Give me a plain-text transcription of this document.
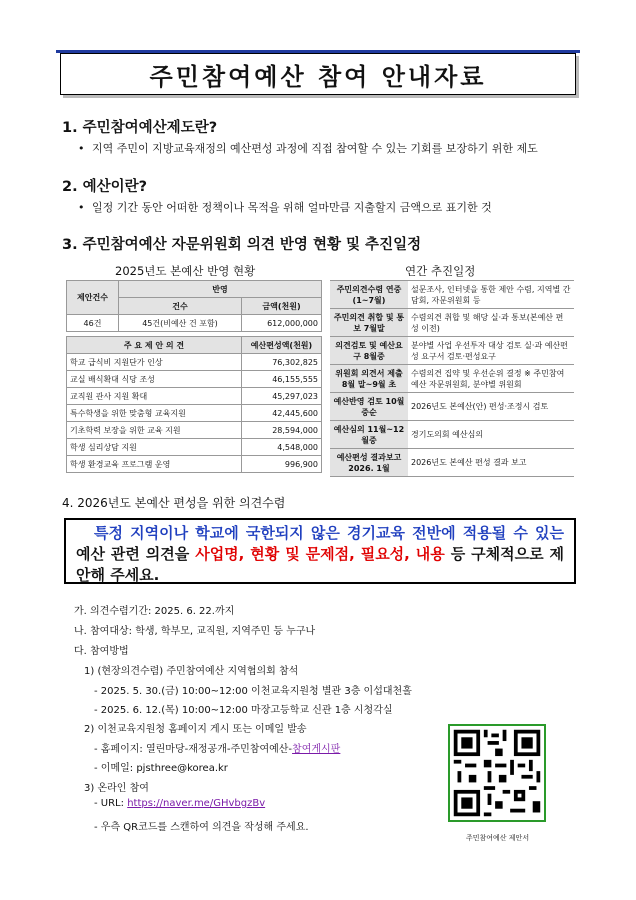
주민참여예산 참여 안내자료
1. 주민참여예산제도란?
• 지역 주민이 지방교육재정의 예산편성 과정에 직접 참여할 수 있는 기회를 보장하기 위한 제도
2. 예산이란?
• 일정 기간 동안 어떠한 정책이나 목적을 위해 얼마만큼 지출할지 금액으로 표기한 것
3. 주민참여예산 자문위원회 의견 반영 현황 및 추진일정
2025년도 본예산 반영 현황	연간 추진일정
제안건수	반영	
	건수	금액(천원)
46건	45건(비예산 건 포함)	612,000,000
주 요 제 안 의 견	예산편성액(천원)
학교 급식비 지원단가 인상	76,302,825
교실 배식확대 식당 조성	46,155,555
교직원 관사 지원 확대	45,297,023
특수학생을 위한 맞춤형 교육지원	42,445,600
기초학력 보장을 위한 교육 지원	28,594,000
학생 심리상담 지원	4,548,000
학생 환경교육 프로그램 운영	996,900
주민의견수렴 연중(1~7월)	설문조사, 인터넷을 통한 제안 수렴, 지역별 간담회, 자문위원회 등
주민의견 취합 및 통보 7월말	수렴의견 취합 및 해당 실·과 통보(본예산 편성 이전)
의견검토 및 예산요구 8월중	분야별 사업 우선투자 대상 검토 실·과 예산편성 요구서 검토·편성요구
위원회 의견서 제출 8월 말~9월 초	수렴의견 집약 및 우선순위 결정 ※ 주민참여예산 자문위원회, 분야별 위원회
예산반영 검토 10월 중순	2026년도 본예산(안) 편성·조정시 검토
예산심의 11월~12월중	경기도의회 예산심의
예산편성 결과보고 2026. 1월	2026년도 본예산 편성 결과 보고
4. 2026년도 본예산 편성을 위한 의견수렴
특정 지역이나 학교에 국한되지 않은 경기교육 전반에 적용될 수 있는 예산 관련 의견을 사업명, 현황 및 문제점, 필요성, 내용 등 구체적으로 제안해 주세요.
가. 의견수렴기간: 2025. 6. 22.까지
나. 참여대상: 학생, 학부모, 교직원, 지역주민 등 누구나
다. 참여방법
1) (현장의견수렴) 주민참여예산 지역협의회 참석
- 2025. 5. 30.(금) 10:00~12:00 이천교육지원청 별관 3층 이섭대천홀
- 2025. 6. 12.(목) 10:00~12:00 마장고등학교 신관 1층 시청각실
2) 이천교육지원청 홈페이지 게시 또는 이메일 발송
- 홈페이지: 열린마당-재정공개-주민참여예산-참여게시판
- 이메일: pjsthree@korea.kr
3) 온라인 참여
- URL: https://naver.me/GHvbgzBv
- 우측 QR코드를 스캔하여 의견을 작성해 주세요.
주민참여예산 제안서
